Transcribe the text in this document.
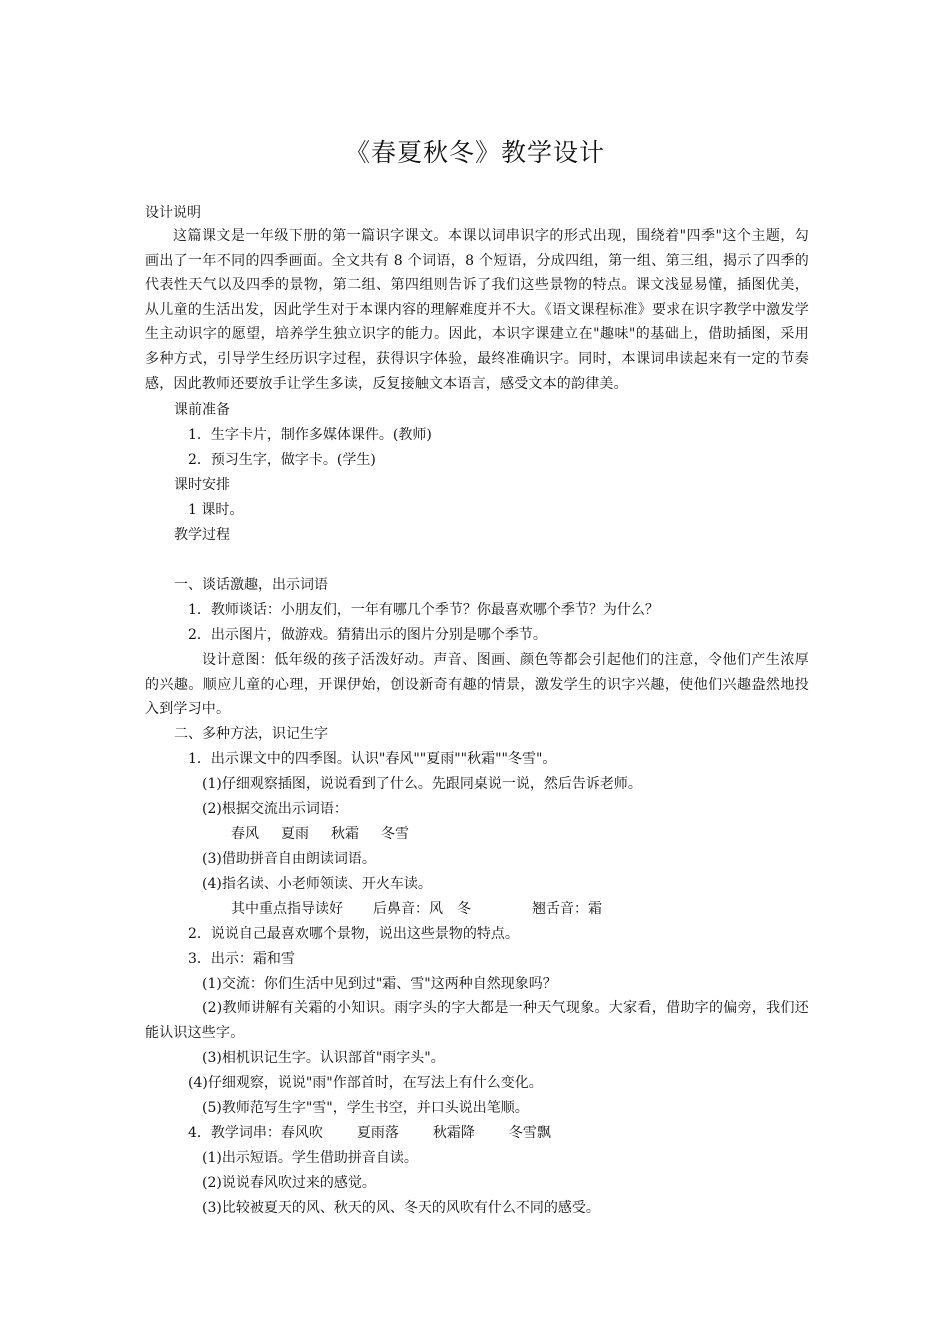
《春夏秋冬》教学设计
设计说明
这篇课文是一年级下册的第一篇识字课文。本课以词串识字的形式出现，围绕着"四季"这个主题，勾画出了一年不同的四季画面。全文共有 8 个词语，8 个短语，分成四组，第一组、第三组，揭示了四季的代表性天气以及四季的景物，第二组、第四组则告诉了我们这些景物的特点。课文浅显易懂，插图优美，从儿童的生活出发，因此学生对于本课内容的理解难度并不大。《语文课程标准》要求在识字教学中激发学生主动识字的愿望，培养学生独立识字的能力。因此，本识字课建立在"趣味"的基础上，借助插图，采用多种方式，引导学生经历识字过程，获得识字体验，最终准确识字。同时，本课词串读起来有一定的节奏感，因此教师还要放手让学生多读，反复接触文本语言，感受文本的韵律美。
课前准备
1．生字卡片，制作多媒体课件。(教师)
2．预习生字，做字卡。(学生)
课时安排
1 课时。
教学过程
一、谈话激趣，出示词语
1．教师谈话：小朋友们，一年有哪几个季节？你最喜欢哪个季节？为什么？
2．出示图片，做游戏。猜猜出示的图片分别是哪个季节。
设计意图：低年级的孩子活泼好动。声音、图画、颜色等都会引起他们的注意，令他们产生浓厚的兴趣。顺应儿童的心理，开课伊始，创设新奇有趣的情景，激发学生的识字兴趣，使他们兴趣盎然地投入到学习中。
二、多种方法，识记生字
1．出示课文中的四季图。认识"春风""夏雨""秋霜""冬雪"。
(1)仔细观察插图，说说看到了什么。先跟同桌说一说，然后告诉老师。
(2)根据交流出示词语：
春风 夏雨 秋霜 冬雪
(3)借助拼音自由朗读词语。
(4)指名读、小老师领读、开火车读。
其中重点指导读好 后鼻音：风　冬	翘舌音：霜
2．说说自己最喜欢哪个景物，说出这些景物的特点。
3．出示：霜和雪
(1)交流：你们生活中见到过"霜、雪"这两种自然现象吗？
(2)教师讲解有关霜的小知识。雨字头的字大都是一种天气现象。大家看，借助字的偏旁，我们还能认识这些字。
(3)相机识记生字。认识部首"雨字头"。
(4)仔细观察，说说"雨"作部首时，在写法上有什么变化。
(5)教师范写生字"雪"，学生书空，并口头说出笔顺。
4．教学词串：春风吹 夏雨落 秋霜降 冬雪飘
(1)出示短语。学生借助拼音自读。
(2)说说春风吹过来的感觉。
(3)比较被夏天的风、秋天的风、冬天的风吹有什么不同的感受。
